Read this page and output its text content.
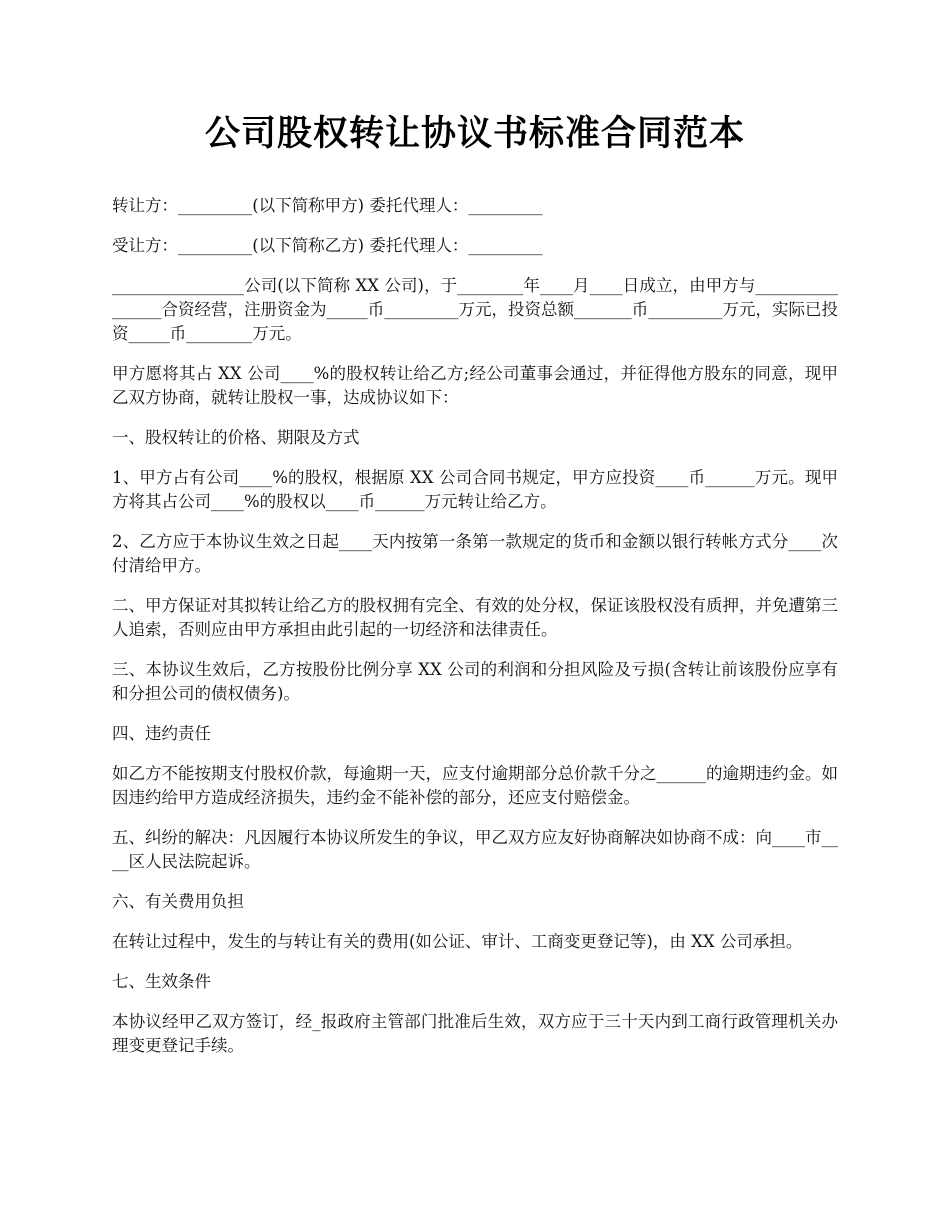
公司股权转让协议书标准合同范本

转让方：_________(以下简称甲方) 委托代理人：_________

受让方：_________(以下简称乙方) 委托代理人：_________

________________公司(以下简称 XX 公司)，于________年____月____日成立，由甲方与________________合资经营，注册资金为_____币_________万元，投资总额_______币_________万元，实际已投资_____币________万元。

甲方愿将其占 XX 公司____%的股权转让给乙方;经公司董事会通过，并征得他方股东的同意，现甲乙双方协商，就转让股权一事，达成协议如下：

一、股权转让的价格、期限及方式

1、甲方占有公司____%的股权，根据原 XX 公司合同书规定，甲方应投资____币______万元。现甲方将其占公司____%的股权以____币______万元转让给乙方。

2、乙方应于本协议生效之日起____天内按第一条第一款规定的货币和金额以银行转帐方式分____次付清给甲方。

二、甲方保证对其拟转让给乙方的股权拥有完全、有效的处分权，保证该股权没有质押，并免遭第三人追索，否则应由甲方承担由此引起的一切经济和法律责任。

三、本协议生效后，乙方按股份比例分享 XX 公司的利润和分担风险及亏损(含转让前该股份应享有和分担公司的债权债务)。

四、违约责任

如乙方不能按期支付股权价款，每逾期一天，应支付逾期部分总价款千分之______的逾期违约金。如因违约给甲方造成经济损失，违约金不能补偿的部分，还应支付赔偿金。

五、纠纷的解决：凡因履行本协议所发生的争议，甲乙双方应友好协商解决如协商不成：向____市____区人民法院起诉。

六、有关费用负担

在转让过程中，发生的与转让有关的费用(如公证、审计、工商变更登记等)，由 XX 公司承担。

七、生效条件

本协议经甲乙双方签订，经_报政府主管部门批准后生效，双方应于三十天内到工商行政管理机关办理变更登记手续。
